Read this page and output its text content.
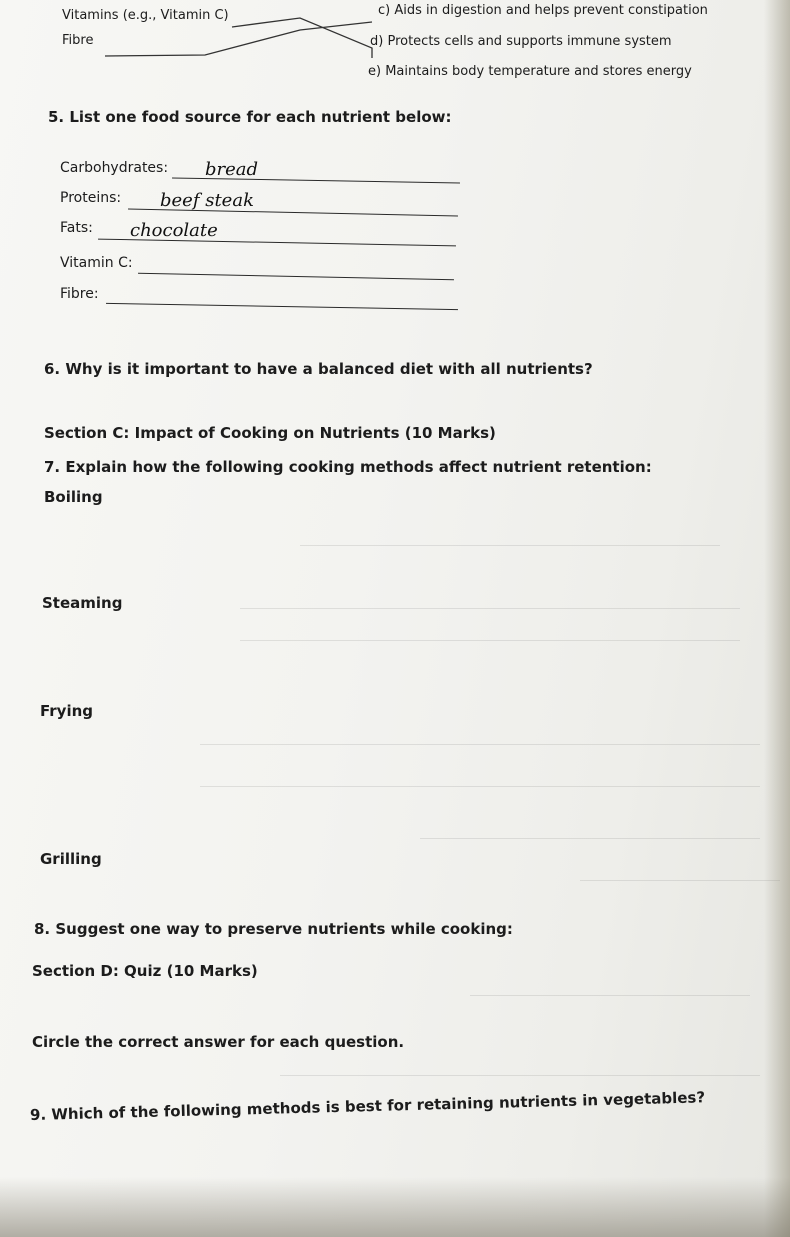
Vitamins (e.g., Vitamin C)
Fibre
c) Aids in digestion and helps prevent constipation
d) Protects cells and supports immune system
e) Maintains body temperature and stores energy
5. List one food source for each nutrient below:
Carbohydrates: bread
Proteins: beef steak
Fats: chocolate
Vitamin C:
Fibre:
6. Why is it important to have a balanced diet with all nutrients?
Section C: Impact of Cooking on Nutrients (10 Marks)
7. Explain how the following cooking methods affect nutrient retention:
Boiling
Steaming
Frying
Grilling
8. Suggest one way to preserve nutrients while cooking:
Section D: Quiz (10 Marks)
Circle the correct answer for each question.
9. Which of the following methods is best for retaining nutrients in vegetables?
